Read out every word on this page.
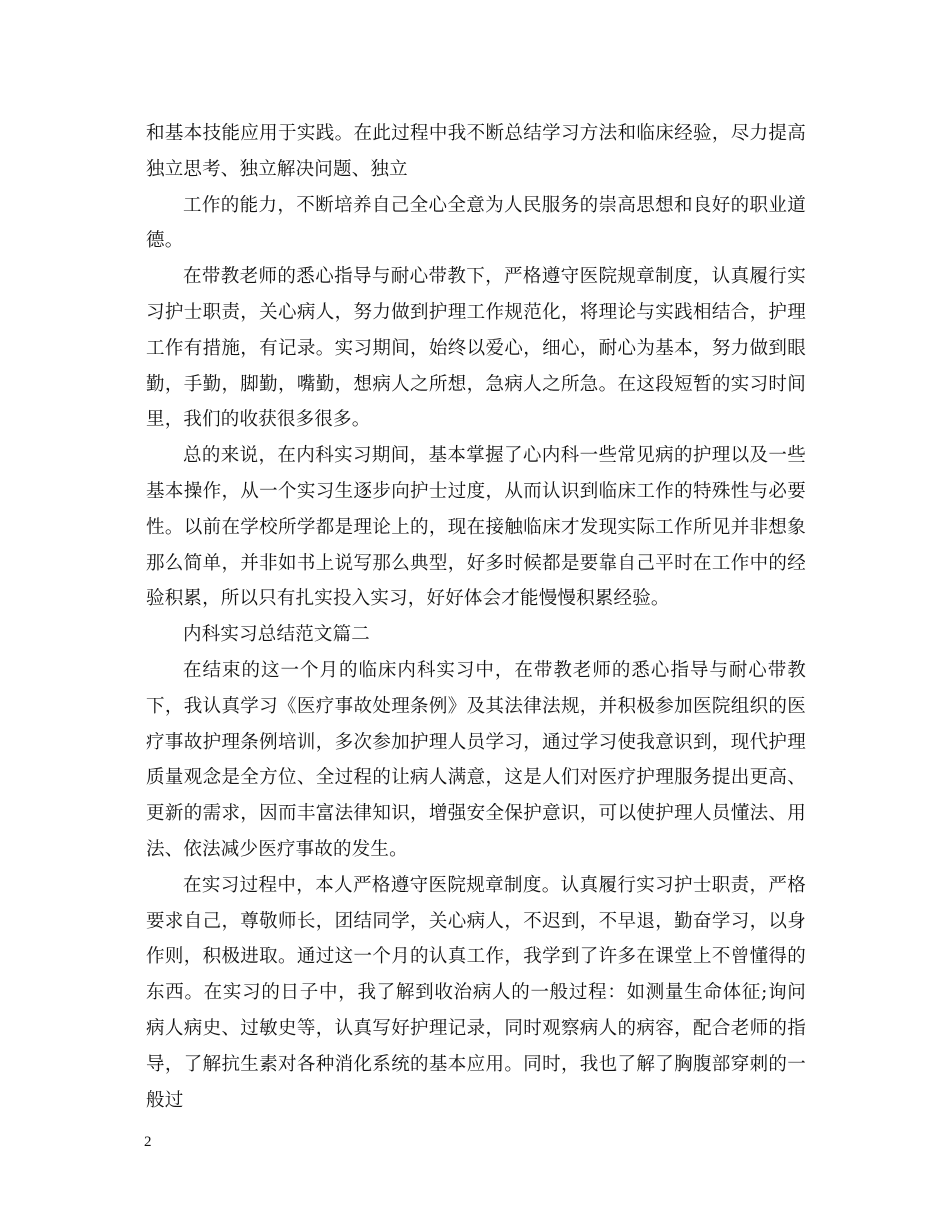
和基本技能应用于实践。在此过程中我不断总结学习方法和临床经验，尽力提高独立思考、独立解决问题、独立

工作的能力，不断培养自己全心全意为人民服务的崇高思想和良好的职业道德。

在带教老师的悉心指导与耐心带教下，严格遵守医院规章制度，认真履行实习护士职责，关心病人，努力做到护理工作规范化，将理论与实践相结合，护理工作有措施，有记录。实习期间，始终以爱心，细心，耐心为基本，努力做到眼勤，手勤，脚勤，嘴勤，想病人之所想，急病人之所急。在这段短暂的实习时间里，我们的收获很多很多。

总的来说，在内科实习期间，基本掌握了心内科一些常见病的护理以及一些基本操作，从一个实习生逐步向护士过度，从而认识到临床工作的特殊性与必要性。以前在学校所学都是理论上的，现在接触临床才发现实际工作所见并非想象那么简单，并非如书上说写那么典型，好多时候都是要靠自己平时在工作中的经验积累，所以只有扎实投入实习，好好体会才能慢慢积累经验。

内科实习总结范文篇二

在结束的这一个月的临床内科实习中，在带教老师的悉心指导与耐心带教下，我认真学习《医疗事故处理条例》及其法律法规，并积极参加医院组织的医疗事故护理条例培训，多次参加护理人员学习，通过学习使我意识到，现代护理质量观念是全方位、全过程的让病人满意，这是人们对医疗护理服务提出更高、更新的需求，因而丰富法律知识，增强安全保护意识，可以使护理人员懂法、用法、依法减少医疗事故的发生。

在实习过程中，本人严格遵守医院规章制度。认真履行实习护士职责，严格要求自己，尊敬师长，团结同学，关心病人，不迟到，不早退，勤奋学习，以身作则，积极进取。通过这一个月的认真工作，我学到了许多在课堂上不曾懂得的东西。在实习的日子中，我了解到收治病人的一般过程：如测量生命体征;询问病人病史、过敏史等，认真写好护理记录，同时观察病人的病容，配合老师的指导，了解抗生素对各种消化系统的基本应用。同时，我也了解了胸腹部穿刺的一般过

2
